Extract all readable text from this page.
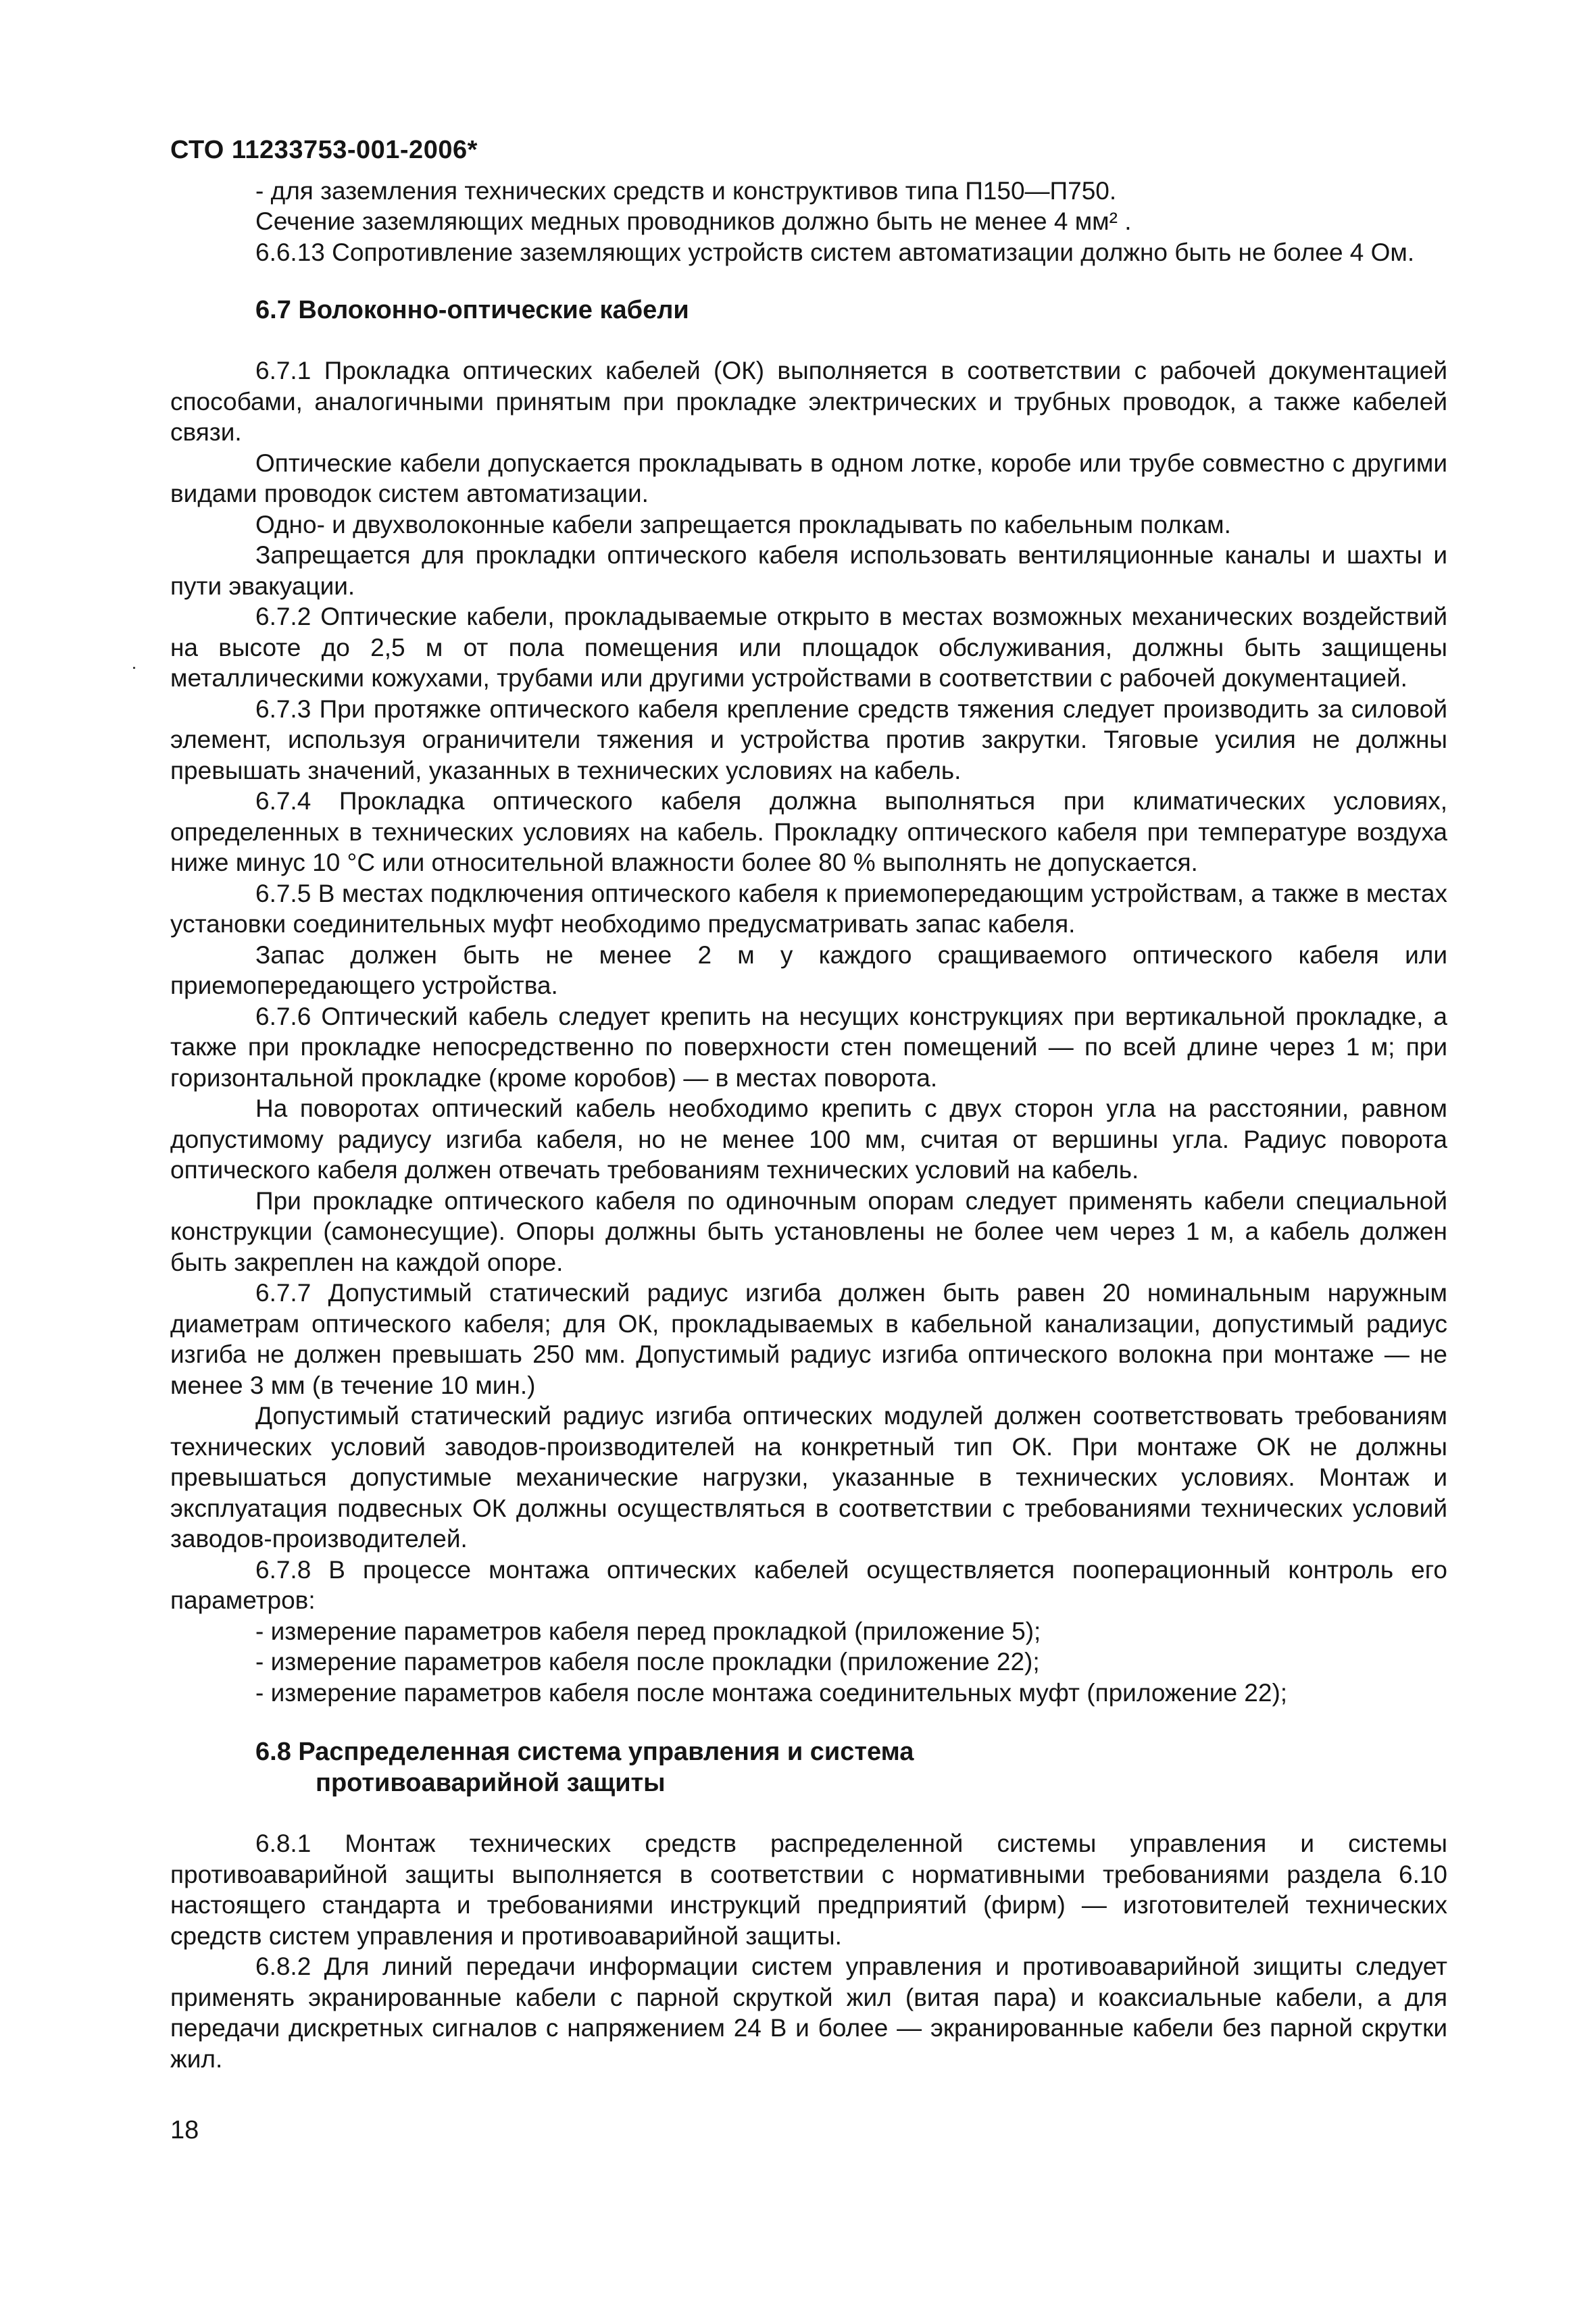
СТО 11233753-001-2006*

- для заземления технических средств и конструктивов типа П150—П750.

Сечение заземляющих медных проводников должно быть не менее 4 мм² .

6.6.13 Сопротивление заземляющих устройств систем автоматизации должно быть не более 4 Ом.

6.7 Волоконно-оптические кабели

6.7.1 Прокладка оптических кабелей (ОК) выполняется в соответствии с рабочей документацией способами, аналогичными принятым при прокладке электрических и трубных проводок, а также кабелей связи.

Оптические кабели допускается прокладывать в одном лотке, коробе или трубе совместно с другими видами проводок систем автоматизации.

Одно- и двухволоконные кабели запрещается прокладывать по кабельным полкам.

Запрещается для прокладки оптического кабеля использовать вентиляционные каналы и шахты и пути эвакуации.

6.7.2 Оптические кабели, прокладываемые открыто в местах возможных механических воздействий на высоте до 2,5 м от пола помещения или площадок обслуживания, должны быть защищены металлическими кожухами, трубами или другими устройствами в соответствии с рабочей документацией.

6.7.3 При протяжке оптического кабеля крепление средств тяжения следует производить за силовой элемент, используя ограничители тяжения и устройства против закрутки. Тяговые усилия не должны превышать значений, указанных в технических условиях на кабель.

6.7.4 Прокладка оптического кабеля должна выполняться при климатических условиях, определенных в технических условиях на кабель. Прокладку оптического кабеля при температуре воздуха ниже минус 10 °С или относительной влажности более 80 % выполнять не допускается.

6.7.5 В местах подключения оптического кабеля к приемопередающим устройствам, а также в местах установки соединительных муфт необходимо предусматривать запас кабеля.

Запас должен быть не менее 2 м у каждого сращиваемого оптического кабеля или приемопередающего устройства.

6.7.6 Оптический кабель следует крепить на несущих конструкциях при вертикальной прокладке, а также при прокладке непосредственно по поверхности стен помещений — по всей длине через 1 м; при горизонтальной прокладке (кроме коробов) — в местах поворота.

На поворотах оптический кабель необходимо крепить с двух сторон угла на расстоянии, равном допустимому радиусу изгиба кабеля, но не менее 100 мм, считая от вершины угла. Радиус поворота оптического кабеля должен отвечать требованиям технических условий на кабель.

При прокладке оптического кабеля по одиночным опорам следует применять кабели специальной конструкции (самонесущие). Опоры должны быть установлены не более чем через 1 м, а кабель должен быть закреплен на каждой опоре.

6.7.7 Допустимый статический радиус изгиба должен быть равен 20 номинальным наружным диаметрам оптического кабеля; для ОК, прокладываемых в кабельной канализации, допустимый радиус изгиба не должен превышать 250 мм. Допустимый радиус изгиба оптического волокна при монтаже — не менее 3 мм (в течение 10 мин.)

Допустимый статический радиус изгиба оптических модулей должен соответствовать требованиям технических условий заводов-производителей на конкретный тип ОК. При монтаже ОК не должны превышаться допустимые механические нагрузки, указанные в технических условиях. Монтаж и эксплуатация подвесных ОК должны осуществляться в соответствии с требованиями технических условий заводов-производителей.

6.7.8 В процессе монтажа оптических кабелей осуществляется пооперационный контроль его параметров:

- измерение параметров кабеля перед прокладкой (приложение 5);

- измерение параметров кабеля после прокладки (приложение 22);

- измерение параметров кабеля после монтажа соединительных муфт (приложение 22);

6.8 Распределенная система управления и система
противоаварийной защиты

6.8.1 Монтаж технических средств распределенной системы управления и системы противоаварийной защиты выполняется в соответствии с нормативными требованиями раздела 6.10 настоящего стандарта и требованиями инструкций предприятий (фирм) — изготовителей технических средств систем управления и противоаварийной защиты.

6.8.2 Для линий передачи информации систем управления и противоаварийной зищиты следует применять экранированные кабели с парной скруткой жил (витая пара) и коаксиальные кабели, а для передачи дискретных сигналов с напряжением 24 В и более — экранированные кабели без парной скрутки жил.

18
